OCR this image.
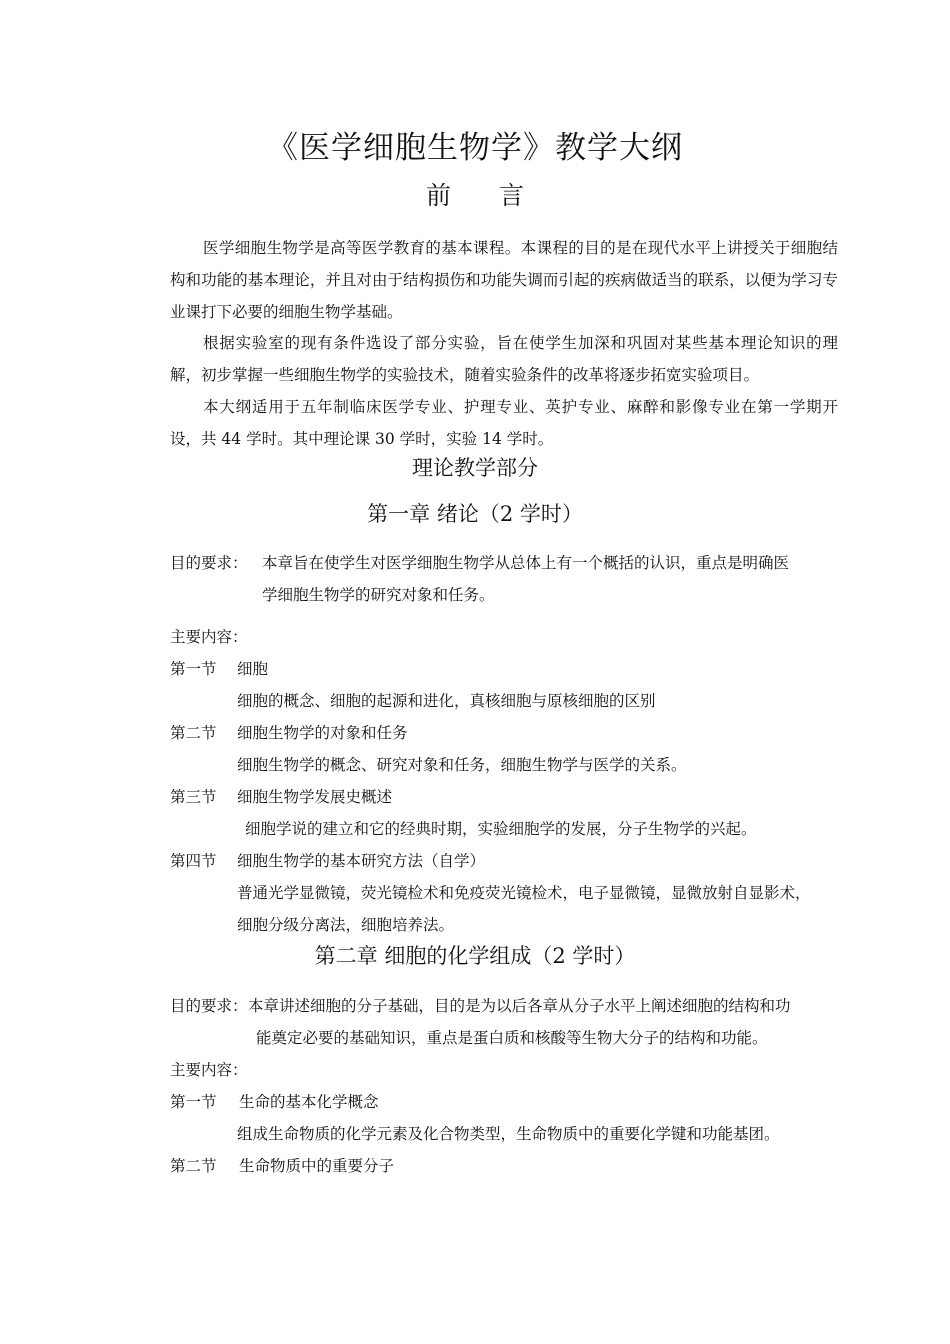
《医学细胞生物学》教学大纲
前 言
医学细胞生物学是高等医学教育的基本课程。本课程的目的是在现代水平上讲授关于细胞结构和功能的基本理论，并且对由于结构损伤和功能失调而引起的疾病做适当的联系，以便为学习专业课打下必要的细胞生物学基础。
根据实验室的现有条件选设了部分实验，旨在使学生加深和巩固对某些基本理论知识的理解，初步掌握一些细胞生物学的实验技术，随着实验条件的改革将逐步拓宽实验项目。
本大纲适用于五年制临床医学专业、护理专业、英护专业、麻醉和影像专业在第一学期开设，共 44 学时。其中理论课 30 学时，实验 14 学时。
理论教学部分
第一章 绪论（2 学时）
目的要求： 本章旨在使学生对医学细胞生物学从总体上有一个概括的认识，重点是明确医
学细胞生物学的研究对象和任务。
主要内容：
第一节 细胞
细胞的概念、细胞的起源和进化，真核细胞与原核细胞的区别
第二节 细胞生物学的对象和任务
细胞生物学的概念、研究对象和任务，细胞生物学与医学的关系。
第三节 细胞生物学发展史概述
细胞学说的建立和它的经典时期，实验细胞学的发展，分子生物学的兴起。
第四节 细胞生物学的基本研究方法（自学）
普通光学显微镜，荧光镜检术和免疫荧光镜检术，电子显微镜，显微放射自显影术，
细胞分级分离法，细胞培养法。
第二章 细胞的化学组成（2 学时）
目的要求： 本章讲述细胞的分子基础，目的是为以后各章从分子水平上阐述细胞的结构和功
能奠定必要的基础知识，重点是蛋白质和核酸等生物大分子的结构和功能。
主要内容：
第一节 生命的基本化学概念
组成生命物质的化学元素及化合物类型，生命物质中的重要化学键和功能基团。
第二节 生命物质中的重要分子
